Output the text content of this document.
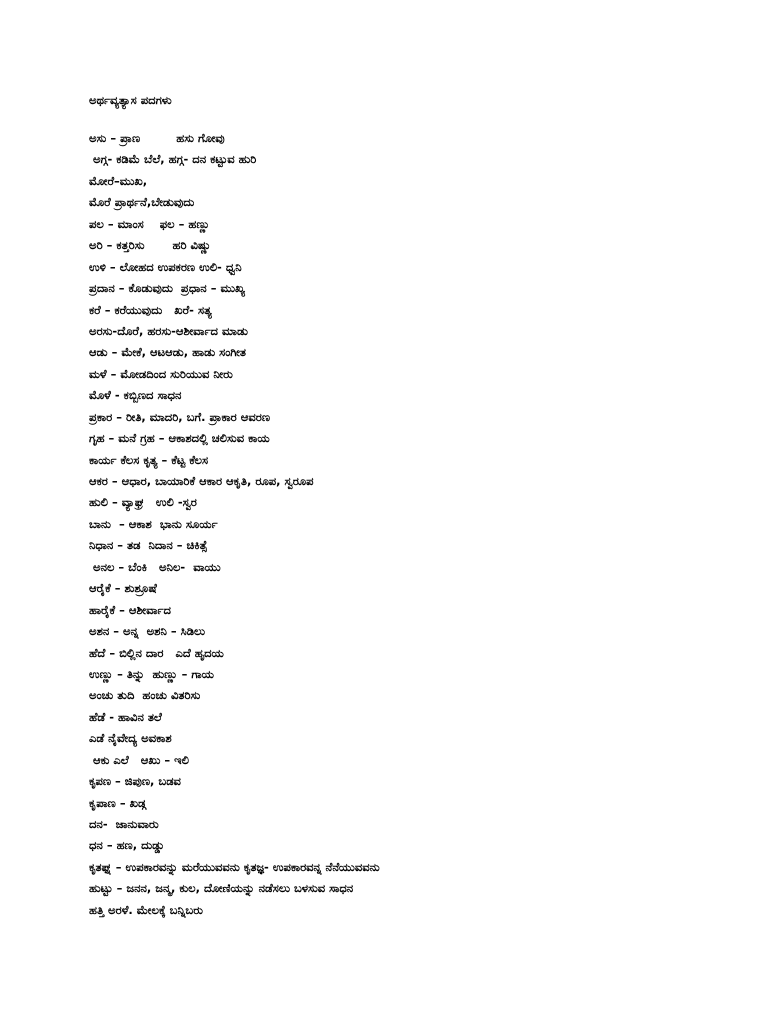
ಅರ್ಥವ್ಯತ್ಯಾಸ ಪದಗಳು
ಅಸು – ಪ್ರಾಣ         ಹಸು ಗೋವು
ಅಗ್ಗ- ಕಡಿಮೆ ಬೆಲೆ, ಹಗ್ಗ- ದನ ಕಟ್ಟುವ ಹುರಿ
ಮೋರೆ–ಮುಖ,
ಮೊರೆ ಪ್ರಾರ್ಥನೆ,ಬೇಡುವುದು
ಪಲ – ಮಾಂಸ    ಫಲ – ಹಣ್ಣು
ಅರಿ – ಕತ್ತರಿಸು       ಹರಿ ವಿಷ್ಣು
ಉಳಿ – ಲೋಹದ ಉಪಕರಣ ಉಲಿ- ಧ್ವನಿ
ಪ್ರದಾನ – ಕೊಡುವುದು  ಪ್ರಧಾನ – ಮುಖ್ಯ
ಕರೆ – ಕರೆಯುವುದು   ಖರೆ- ಸತ್ಯ
ಅರಸು-ದೊರೆ, ಹರಸು-ಆಶೀರ್ವಾದ ಮಾಡು
ಆಡು – ಮೇಕೆ, ಆಟಆಡು, ಹಾಡು ಸಂಗೀತ
ಮಳೆ – ಮೋಡದಿಂದ ಸುರಿಯುವ ನೀರು
ಮೊಳೆ - ಕಬ್ಬಿಣದ ಸಾಧನ
ಪ್ರಕಾರ – ರೀತಿ, ಮಾದರಿ, ಬಗೆ. ಪ್ರಾಕಾರ ಆವರಣ
ಗೃಹ – ಮನೆ ಗ್ರಹ – ಆಕಾಶದಲ್ಲಿ ಚಲಿಸುವ ಕಾಯ
ಕಾರ್ಯ ಕೆಲಸ ಕೃತ್ಯ – ಕೆಟ್ಟ ಕೆಲಸ
ಆಕರ – ಆಧಾರ, ಬಾಯಾರಿಕೆ ಆಕಾರ ಆಕೃತಿ, ರೂಪ, ಸ್ವರೂಪ
ಹುಲಿ – ವ್ಯಾಘ್ರ   ಉಲಿ -ಸ್ವರ
ಬಾನು  – ಆಕಾಶ  ಭಾನು ಸೂರ್ಯ
ನಿಧಾನ – ತಡ  ನಿದಾನ – ಚಿಕಿತ್ಸೆ
ಅನಲ – ಬೆಂಕಿ   ಅನಿಲ-  ವಾಯು
ಆರೈಕೆ – ಶುಶ್ರೂಷೆ
ಹಾರೈಕೆ – ಆಶೀರ್ವಾದ
ಅಶನ – ಅನ್ನ  ಅಶನಿ – ಸಿಡಿಲು
ಹೆದೆ – ಬಿಲ್ಲಿನ ದಾರ   ಎದೆ ಹೃದಯ
ಉಣ್ಣು – ತಿನ್ನು  ಹುಣ್ಣು – ಗಾಯ
ಅಂಚು ತುದಿ  ಹಂಚು ವಿತರಿಸು
ಹೆಡೆ - ಹಾವಿನ ತಲೆ
ಎಡೆ ನೈವೇದ್ಯ ಅವಕಾಶ
ಆಕು ಎಲೆ   ಆಖು – ಇಲಿ
ಕೃಪಣ – ಜಿಪುಣ, ಬಡವ
ಕೃಪಾಣ – ಖಡ್ಗ
ದನ-  ಜಾನುವಾರು
ಧನ – ಹಣ, ದುಡ್ಡು
ಕೃತಘ್ನ – ಉಪಕಾರವನ್ನು ಮರೆಯುವವನು ಕೃತಜ್ಞ- ಉಪಕಾರವನ್ನ ನೆನೆಯುವವನು
ಹುಟ್ಟು – ಜನನ, ಜನ್ಮ, ಕುಲ, ದೋಣಿಯನ್ನು ನಡೆಸಲು ಬಳಸುವ ಸಾಧನ
ಹತ್ತಿ ಅರಳೆ. ಮೇಲಕ್ಕೆ ಬನ್ನಿಬರು
